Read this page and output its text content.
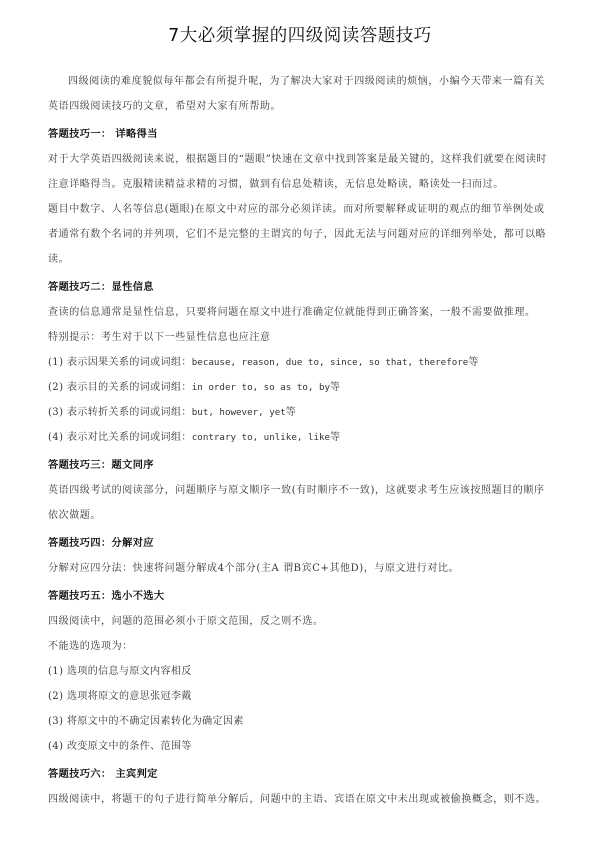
7大必须掌握的四级阅读答题技巧

四级阅读的难度貌似每年都会有所提升呢，为了解决大家对于四级阅读的烦恼，小编今天带来一篇有关英语四级阅读技巧的文章，希望对大家有所帮助。

答题技巧一： 详略得当

对于大学英语四级阅读来说，根据题目的“题眼”快速在文章中找到答案是最关键的，这样我们就要在阅读时注意详略得当。克服精读精益求精的习惯，做到有信息处精读，无信息处略读，略读处一扫而过。

题目中数字、人名等信息(题眼)在原文中对应的部分必须详读。而对所要解释或证明的观点的细节举例处或者通常有数个名词的并列项，它们不是完整的主谓宾的句子，因此无法与问题对应的详细列举处，都可以略读。

答题技巧二：显性信息

查读的信息通常是显性信息，只要将问题在原文中进行准确定位就能得到正确答案，一般不需要做推理。

特别提示：考生对于以下一些显性信息也应注意

(1) 表示因果关系的词或词组：because, reason, due to, since, so that, therefore等

(2) 表示目的关系的词或词组：in order to, so as to, by等

(3) 表示转折关系的词或词组：but, however, yet等

(4) 表示对比关系的词或词组：contrary to, unlike, like等

答题技巧三：题文同序

英语四级考试的阅读部分，问题顺序与原文顺序一致(有时顺序不一致)，这就要求考生应该按照题目的顺序依次做题。

答题技巧四：分解对应

分解对应四分法：快速将问题分解成4个部分(主A 谓B宾C+其他D)，与原文进行对比。

答题技巧五：选小不选大

四级阅读中，问题的范围必须小于原文范围，反之则不选。

不能选的选项为：

(1) 选项的信息与原文内容相反

(2) 选项将原文的意思张冠李戴

(3) 将原文中的不确定因素转化为确定因素

(4) 改变原文中的条件、范围等

答题技巧六： 主宾判定

四级阅读中，将题干的句子进行简单分解后，问题中的主语、宾语在原文中未出现或被偷换概念，则不选。
